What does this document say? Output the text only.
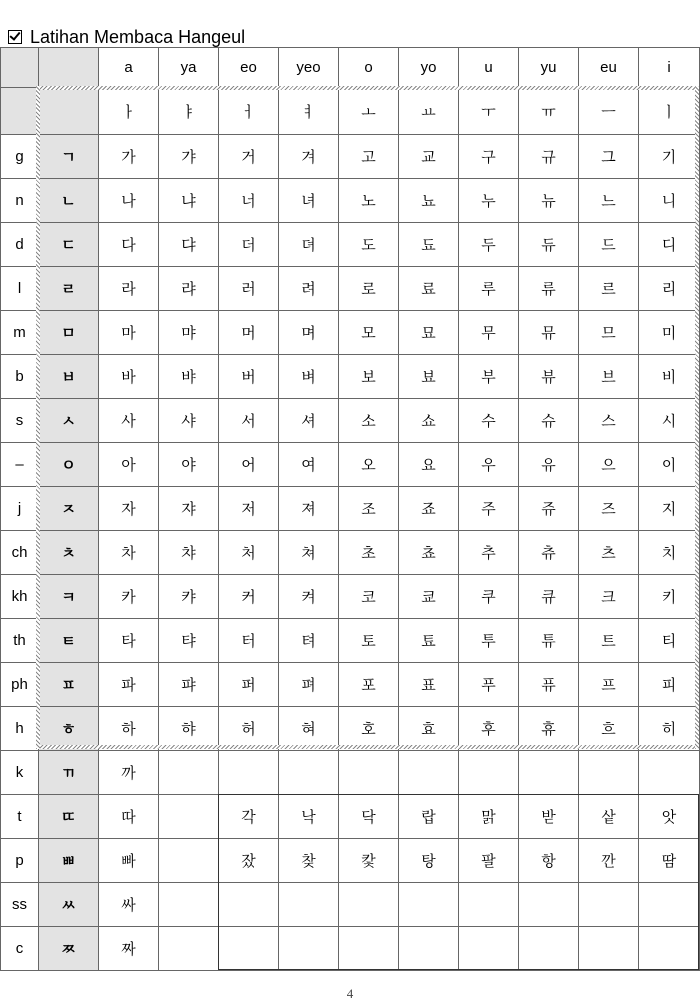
Latihan Membaca Hangeul
		a	ya	eo	yeo	o	yo	u	yu	eu	i
		ㅏ	ㅑ	ㅓ	ㅕ	ㅗ	ㅛ	ㅜ	ㅠ	ㅡ	ㅣ
g	ㄱ	가	갸	거	겨	고	교	구	규	그	기
n	ㄴ	나	냐	너	녀	노	뇨	누	뉴	느	니
d	ㄷ	다	댜	더	뎌	도	됴	두	듀	드	디
l	ㄹ	라	랴	러	려	로	료	루	류	르	리
m	ㅁ	마	먀	머	며	모	묘	무	뮤	므	미
b	ㅂ	바	뱌	버	벼	보	뵤	부	뷰	브	비
s	ㅅ	사	샤	서	셔	소	쇼	수	슈	스	시
–	ㅇ	아	야	어	여	오	요	우	유	으	이
j	ㅈ	자	쟈	저	져	조	죠	주	쥬	즈	지
ch	ㅊ	차	챠	처	쳐	초	쵸	추	츄	츠	치
kh	ㅋ	카	캬	커	켜	코	쿄	쿠	큐	크	키
th	ㅌ	타	탸	터	텨	토	툐	투	튜	트	티
ph	ㅍ	파	퍄	퍼	펴	포	표	푸	퓨	프	피
h	ㅎ	하	햐	허	혀	호	효	후	휴	흐	히
k	ㄲ	까									
t	ㄸ	따		각	낙	닥	랍	맑	받	샅	앗
p	ㅃ	빠		잤	찾	캋	탕	팔	항	깐	땀
ss	ㅆ	싸									
c	ㅉ	짜									
4
